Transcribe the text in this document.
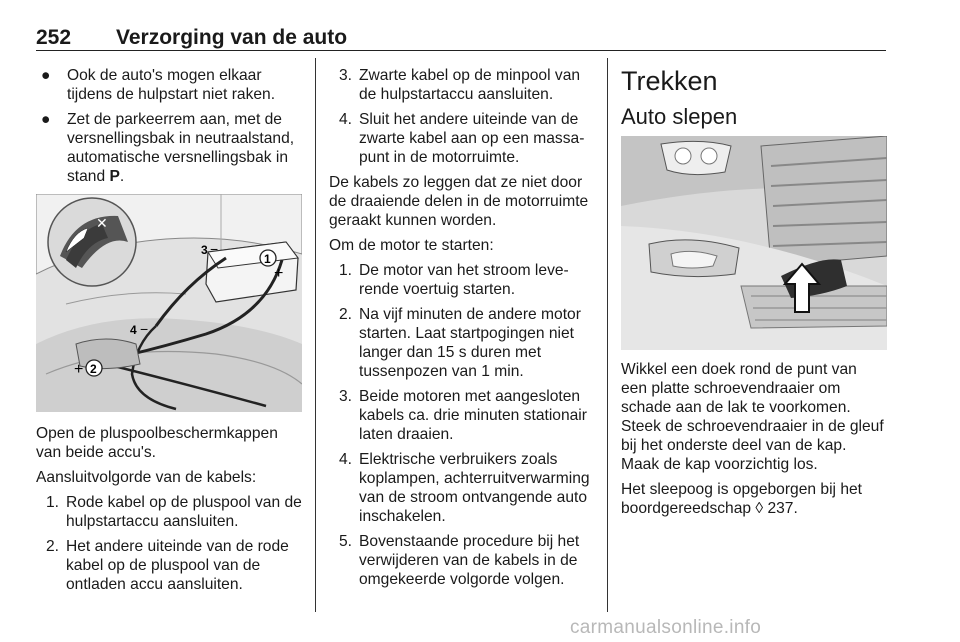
252 Verzorging van de auto
● Ook de auto's mogen elkaar tijdens de hulpstart niet raken.
● Zet de parkeerrem aan, met de versnellingsbak in neutraalstand, automatische versnellingsbak in stand P.
✕
1
+
2
+
3 −
4 −

Open de pluspoolbeschermkappen van beide accu's.

Aansluitvolgorde van de kabels:

1. Rode kabel op de pluspool van de hulpstartaccu aansluiten.
2. Het andere uiteinde van de rode kabel op de pluspool van de ontladen accu aansluiten.
3. Zwarte kabel op de minpool van de hulpstartaccu aansluiten.
4. Sluit het andere uiteinde van de zwarte kabel aan op een massapunt in de motorruimte.

De kabels zo leggen dat ze niet door de draaiende delen in de motorruimte geraakt kunnen worden.

Om de motor te starten:

1. De motor van het stroom leverende voertuig starten.
2. Na vijf minuten de andere motor starten. Laat startpogingen niet langer dan 15 s duren met tussenpozen van 1 min.
3. Beide motoren met aangesloten kabels ca. drie minuten stationair laten draaien.
4. Elektrische verbruikers zoals koplampen, achterruitverwarming van de stroom ontvangende auto inschakelen.
5. Bovenstaande procedure bij het verwijderen van de kabels in de omgekeerde volgorde volgen.
Trekken
Auto slepen

Wikkel een doek rond de punt van een platte schroevendraaier om schade aan de lak te voorkomen. Steek de schroevendraaier in de gleuf bij het onderste deel van de kap. Maak de kap voorzichtig los.

Het sleepoog is opgeborgen bij het boordgereedschap ◊ 237.

carmanualsonline.info
